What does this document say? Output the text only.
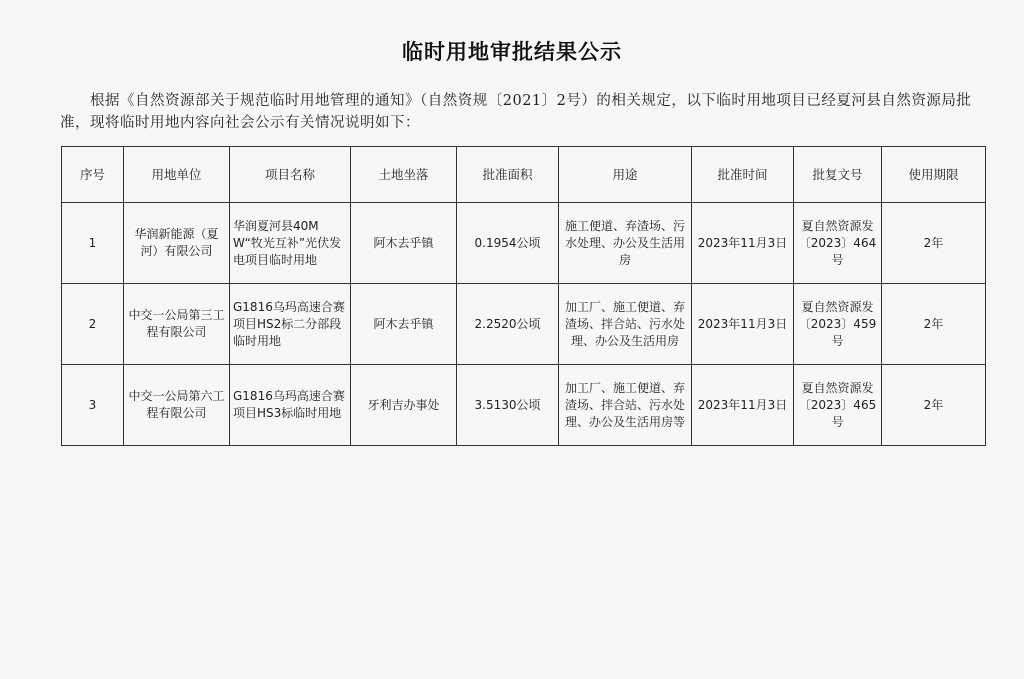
临时用地审批结果公示
根据《自然资源部关于规范临时用地管理的通知》（自然资规〔2021〕2号）的相关规定，以下临时用地项目已经夏河县自然资源局批准，现将临时用地内容向社会公示有关情况说明如下：
序号	用地单位	项目名称	土地坐落	批准面积	用途	批准时间	批复文号	使用期限
1	华润新能源（夏河）有限公司	华润夏河县40MW“牧光互补”光伏发电项目临时用地	阿木去乎镇	0.1954公顷	施工便道、弃渣场、污水处理、办公及生活用房	2023年11月3日	夏自然资源发〔2023〕464号	2年
2	中交一公局第三工程有限公司	G1816乌玛高速合赛项目HS2标二分部段临时用地	阿木去乎镇	2.2520公顷	加工厂、施工便道、弃渣场、拌合站、污水处理、办公及生活用房	2023年11月3日	夏自然资源发〔2023〕459号	2年
3	中交一公局第六工程有限公司	G1816乌玛高速合赛项目HS3标临时用地	牙利吉办事处	3.5130公顷	加工厂、施工便道、弃渣场、拌合站、污水处理、办公及生活用房等	2023年11月3日	夏自然资源发〔2023〕465号	2年
